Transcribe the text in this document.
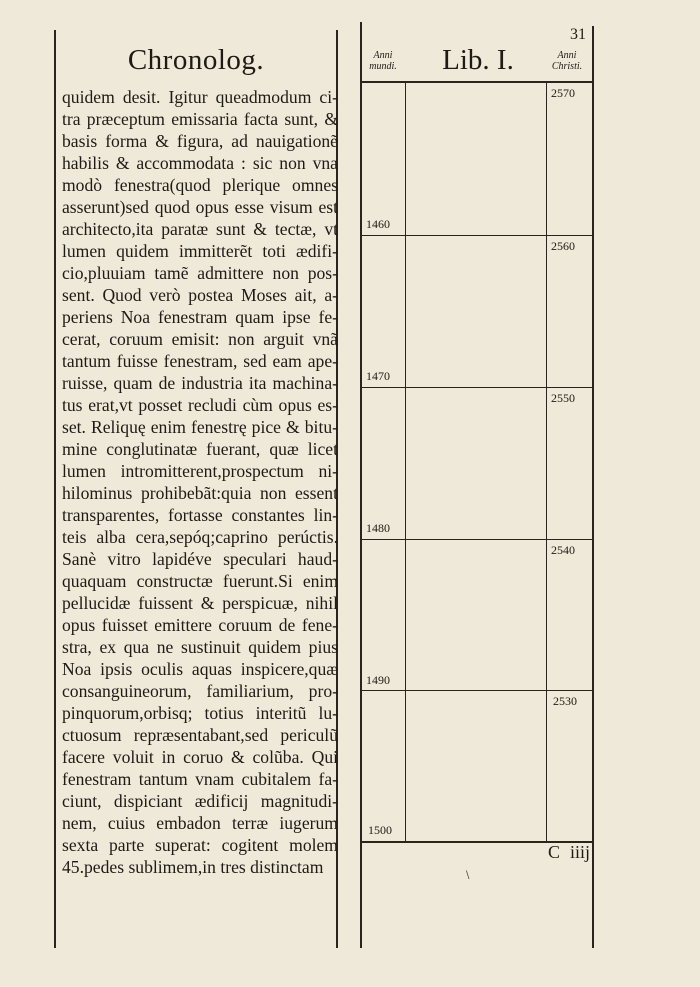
Chronolog.
quidem desit. Igitur queadmodum ci-
tra præceptum emissaria facta sunt, &
basis forma & figura, ad nauigationẽ
habilis & accommodata : sic non vna
modò fenestra(quod plerique omnes
asserunt)sed quod opus esse visum est
architecto,ita paratæ sunt & tectæ, vt
lumen quidem immitterẽt toti ædifi-
cio,pluuiam tamẽ admittere non pos-
sent. Quod verò postea Moses ait, a-
periens Noa fenestram quam ipse fe-
cerat, coruum emisit: non arguit vnã
tantum fuisse fenestram, sed eam ape-
ruisse, quam de industria ita machina-
tus erat,vt posset recludi cùm opus es-
set. Reliquę enim fenestrę pice & bitu-
mine conglutinatæ fuerant, quæ licet
lumen intromitterent,prospectum ni-
hilominus prohibebãt:quia non essent
transparentes, fortasse constantes lin-
teis alba cera,sepóq;caprino perúctis.
Sanè vitro lapidéve speculari haud-
quaquam constructæ fuerunt.Si enim
pellucidæ fuissent & perspicuæ, nihil
opus fuisset emittere coruum de fene-
stra, ex qua ne sustinuit quidem pius
Noa ipsis oculis aquas inspicere,quæ
consanguineorum, familiarium, pro-
pinquorum,orbisq; totius interitũ lu-
ctuosum repræsentabant,sed periculũ
facere voluit in coruo & colũba. Qui
fenestram tantum vnam cubitalem fa-
ciunt, dispiciant ædificij magnitudi-
nem, cuius embadon terræ iugerum
sexta parte superat: cogitent molem
45.pedes sublimem,in tres distinctam
31
Anni
mundi.	Lib. I.	Anni
Christi.
2570
2560
2550
2540
2530
1460
1470
1480
1490
1500
C iiij
\
